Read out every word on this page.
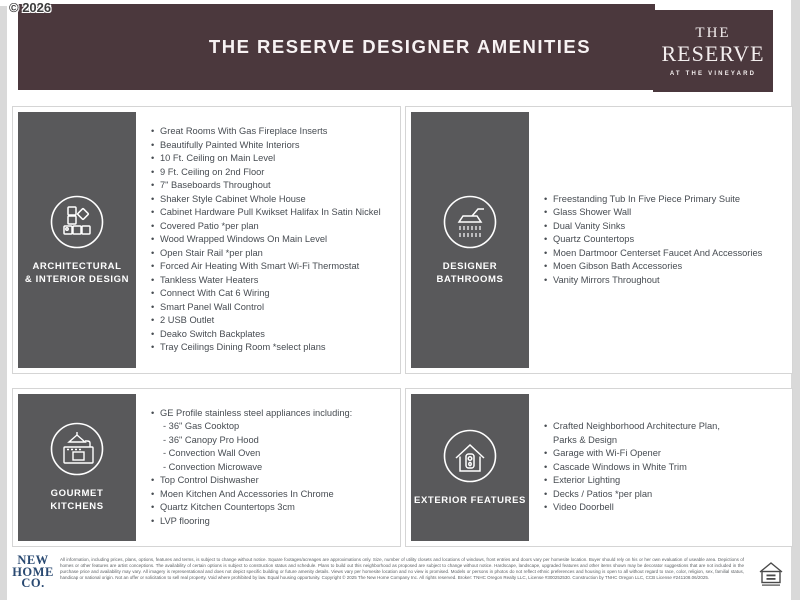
© 2026
THE RESERVE DESIGNER AMENITIES
THE
RESERVE
AT THE VINEYARD
ARCHITECTURAL
& INTERIOR DESIGN
• Great Rooms With Gas Fireplace Inserts
• Beautifully Painted White Interiors
• 10 Ft. Ceiling on Main Level
• 9 Ft. Ceiling on 2nd Floor
• 7" Baseboards Throughout
• Shaker Style Cabinet Whole House
• Cabinet Hardware Pull Kwikset Halifax In Satin Nickel
• Covered Patio *per plan
• Wood Wrapped Windows On Main Level
• Open Stair Rail *per plan
• Forced Air Heating With Smart Wi-Fi Thermostat
• Tankless Water Heaters
• Connect With Cat 6 Wiring
• Smart Panel Wall Control
• 2 USB Outlet
• Deako Switch Backplates
• Tray Ceilings Dining Room *select plans
DESIGNER
BATHROOMS
• Freestanding Tub In Five Piece Primary Suite
• Glass Shower Wall
• Dual Vanity Sinks
• Quartz Countertops
• Moen Dartmoor Centerset Faucet And Accessories
• Moen Gibson Bath Accessories
• Vanity Mirrors Throughout
GOURMET
KITCHENS
• GE Profile stainless steel appliances including:
- 36" Gas Cooktop
- 36" Canopy Pro Hood
- Convection Wall Oven
- Convection Microwave
• Top Control Dishwasher
• Moen Kitchen And Accessories In Chrome
• Quartz Kitchen Countertops 3cm
• LVP flooring
EXTERIOR FEATURES
• Crafted Neighborhood Architecture Plan, Parks & Design
• Garage with Wi-Fi Opener
• Cascade Windows in White Trim
• Exterior Lighting
• Decks / Patios *per plan
• Video Doorbell
NEW
HOME
CO.
All information, including prices, plans, options, features and terms, is subject to change without notice. Square footages/acreages are approximations only. Size, number of utility closets and locations of windows, front entries and doors vary per homesite location. Buyer should rely on his or her own evaluation of useable area. Depictions of homes or other features are artist conceptions. The availability of certain options is subject to construction status and schedule. Plans to build out this neighborhood as proposed are subject to change without notice. Hardscape, landscape, upgraded features and other items shown may be decorator suggestions that are not included in the purchase price and availability may vary. All imagery is representational and does not depict specific building or future amenity details. Views vary per homesite location and no view is promised. Models or persons in photos do not reflect ethnic preferences and housing is open to all without regard to race, color, religion, sex, familial status, handicap or national origin. Not an offer or solicitation to sell real property. Void where prohibited by law. Equal housing opportunity. Copyright © 2025 The New Home Company Inc. All rights reserved. Broker: TNHC Oregon Realty LLC, License #300252530. Construction by TNHC Oregon LLC, CCB License #241108.06/2025.
